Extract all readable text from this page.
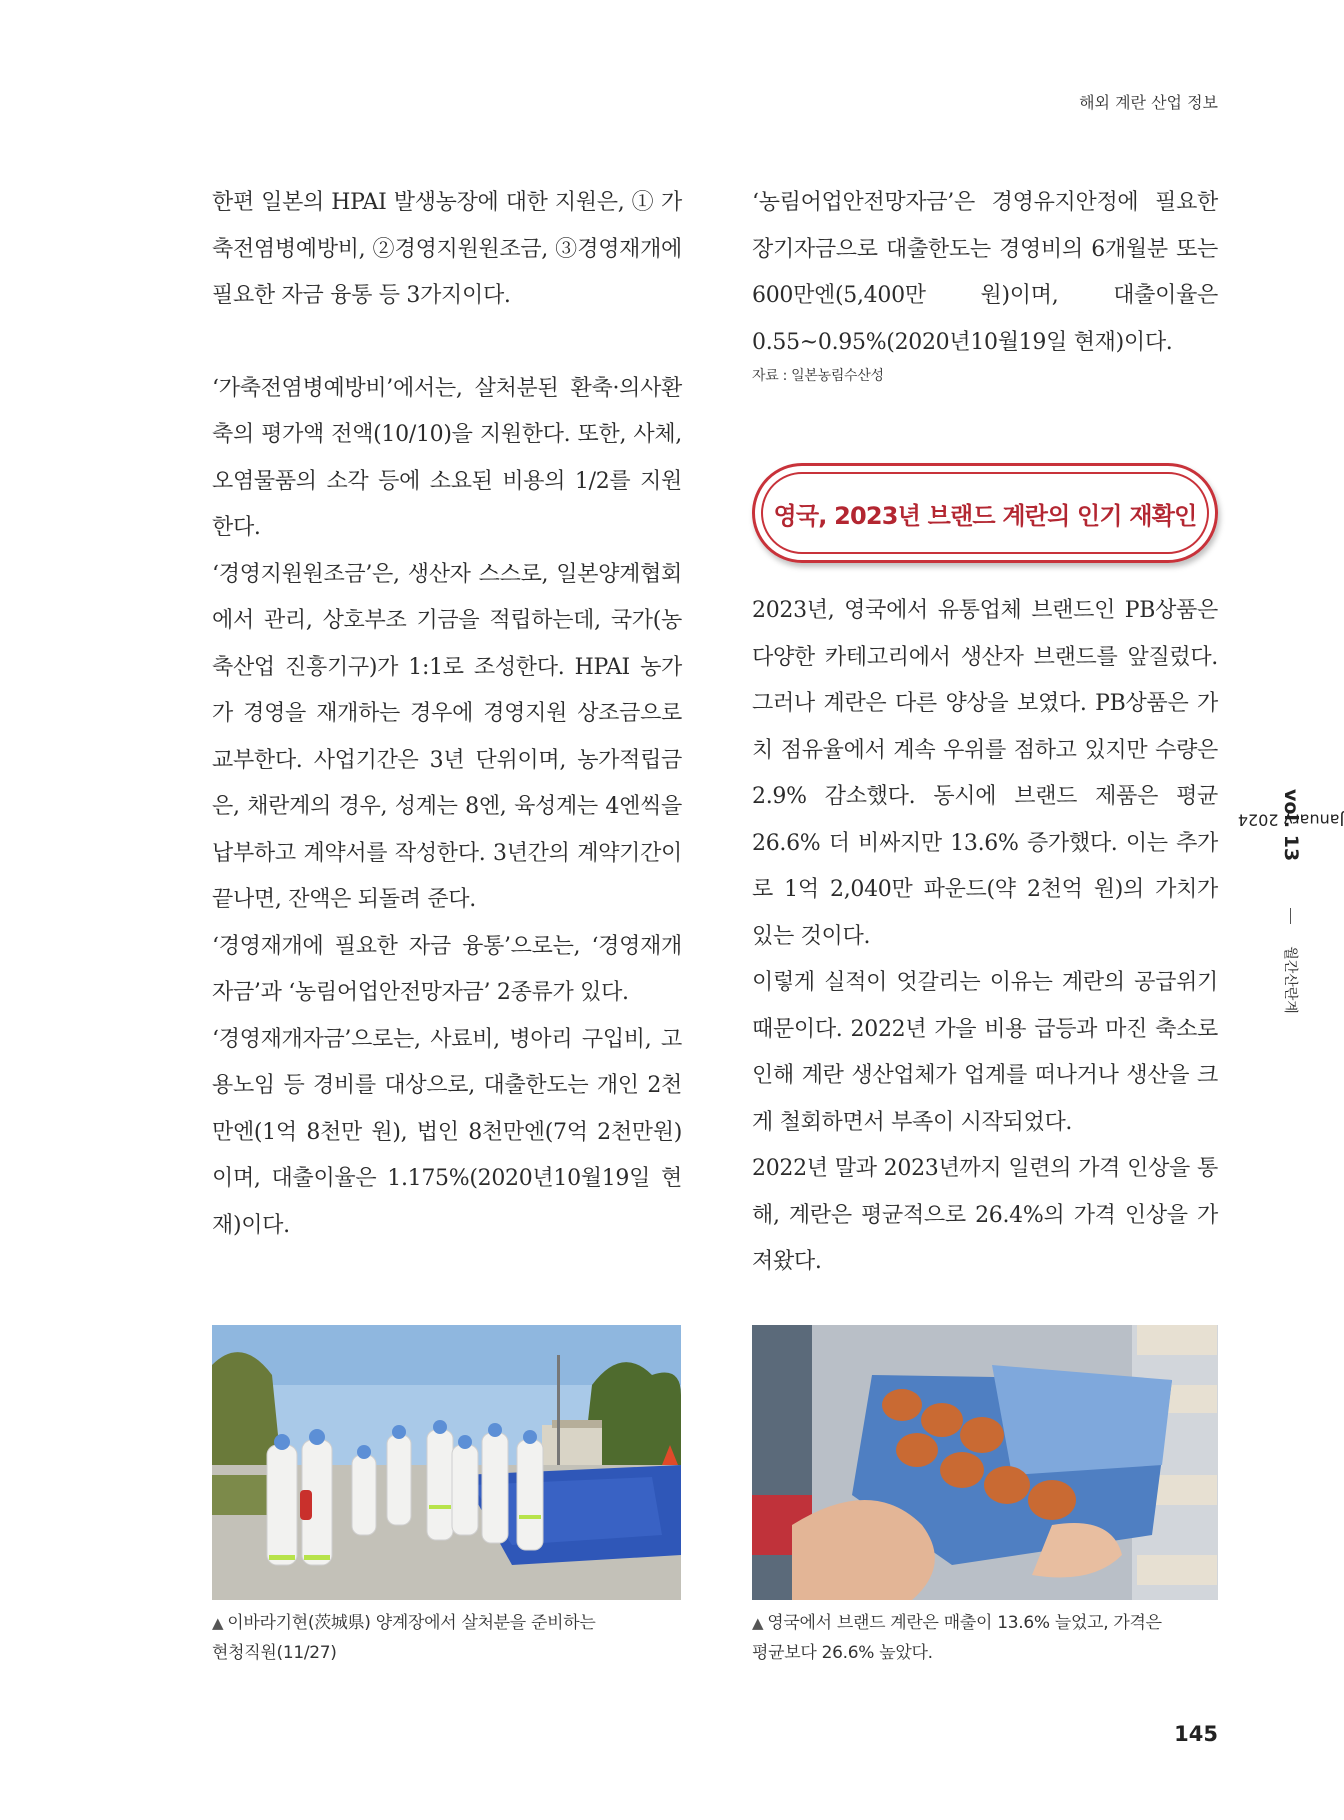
해외 계란 산업 정보

한편 일본의 HPAI 발생농장에 대한 지원은, ① 가축전염병예방비, ②경영지원원조금, ③경영재개에 필요한 자금 융통 등 3가지이다.

‘가축전염병예방비’에서는, 살처분된 환축·의사환축의 평가액 전액(10/10)을 지원한다. 또한, 사체, 오염물품의 소각 등에 소요된 비용의 1/2를 지원한다.

‘경영지원원조금’은, 생산자 스스로, 일본양계협회에서 관리, 상호부조 기금을 적립하는데, 국가(농축산업 진흥기구)가 1:1로 조성한다. HPAI 농가가 경영을 재개하는 경우에 경영지원 상조금으로 교부한다. 사업기간은 3년 단위이며, 농가적립금은, 채란계의 경우, 성계는 8엔, 육성계는 4엔씩을 납부하고 계약서를 작성한다. 3년간의 계약기간이 끝나면, 잔액은 되돌려 준다.

‘경영재개에 필요한 자금 융통’으로는, ‘경영재개자금’과 ‘농림어업안전망자금’ 2종류가 있다.

‘경영재개자금’으로는, 사료비, 병아리 구입비, 고용노임 등 경비를 대상으로, 대출한도는 개인 2천만엔(1억 8천만 원), 법인 8천만엔(7억 2천만원)이며, 대출이율은 1.175%(2020년10월19일 현재)이다.

‘농림어업안전망자금’은 경영유지안정에 필요한 장기자금으로 대출한도는 경영비의 6개월분 또는 600만엔(5,400만 원)이며, 대출이율은 0.55~0.95%(2020년10월19일 현재)이다.

자료 : 일본농림수산성

영국, 2023년 브랜드 계란의 인기 재확인

2023년, 영국에서 유통업체 브랜드인 PB상품은 다양한 카테고리에서 생산자 브랜드를 앞질렀다. 그러나 계란은 다른 양상을 보였다. PB상품은 가치 점유율에서 계속 우위를 점하고 있지만 수량은 2.9% 감소했다. 동시에 브랜드 제품은 평균 26.6% 더 비싸지만 13.6% 증가했다. 이는 추가로 1억 2,040만 파운드(약 2천억 원)의 가치가 있는 것이다.

이렇게 실적이 엇갈리는 이유는 계란의 공급위기 때문이다. 2022년 가을 비용 급등과 마진 축소로 인해 계란 생산업체가 업계를 떠나거나 생산을 크게 철회하면서 부족이 시작되었다.

2022년 말과 2023년까지 일련의 가격 인상을 통해, 계란은 평균적으로 26.4%의 가격 인상을 가져왔다.

▲ 이바라기현(茨城県) 양계장에서 살처분을 준비하는
현청직원(11/27)
▲ 영국에서 브랜드 계란은 매출이 13.6% 늘었고, 가격은
평균보다 26.6% 높았다.
January 2024
vol. 13
월간산란계
145
